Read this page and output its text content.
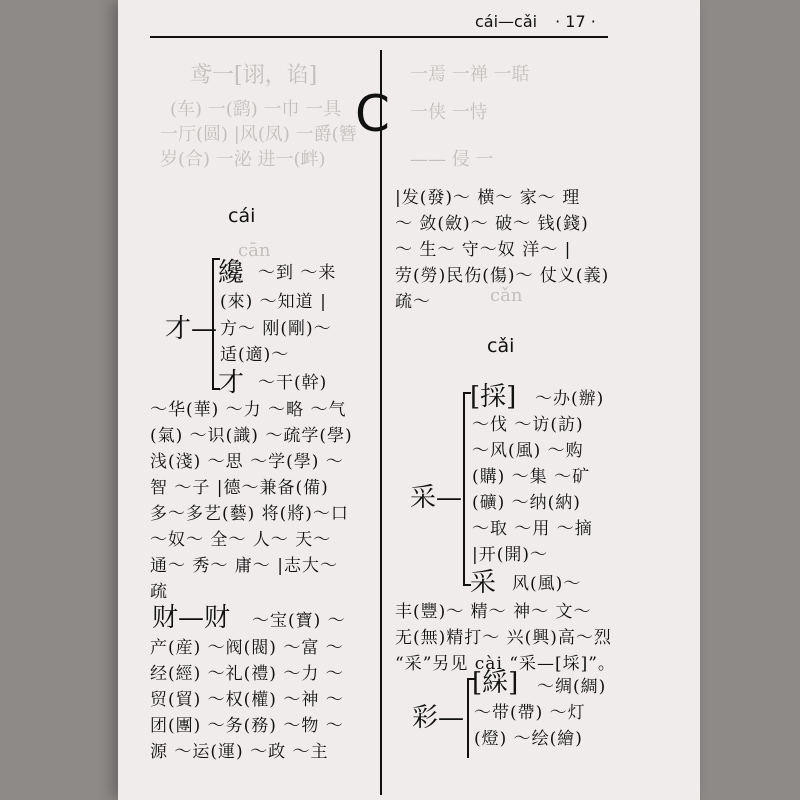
鸢一[诩，谄]
(车) 一(鹞) 一巾 一具
一厅(圆) |风(凤) 一爵(簪
岁(合) 一泌 进一(衅)	—— 侵 一
一焉 一禅 一聒
一侠 一恃
cān
cǎn
cái—cǎi · 17 ·
C
cái
才—
纔 ～到 ～来
(來) ～知道 |
方～ 刚(剛)～
适(適)～
才 ～干(幹)
～华(華) ～力 ～略 ～气
(氣) ～识(識) ～疏学(學)
浅(淺) ～思 ～学(學) ～
智 ～子 |德～兼备(備)
多～多艺(藝) 将(將)～口
～奴～ 全～ 人～ 天～
通～ 秀～ 庸～ |志大～
疏
财—财 ～宝(寶) ～
产(産) ～阀(閥) ～富 ～
经(經) ～礼(禮) ～力 ～
贸(貿) ～权(權) ～神 ～
团(團) ～务(務) ～物 ～
源 ～运(運) ～政 ～主
|发(發)～ 横～ 家～ 理
～ 敛(斂)～ 破～ 钱(錢)
～ 生～ 守～奴 洋～ |
劳(勞)民伤(傷)～ 仗义(義)
疏～
cǎi
采—
[採] ～办(辦)
～伐 ～访(訪)
～风(風) ～购
(購) ～集 ～矿
(礦) ～纳(納)
～取 ～用 ～摘
|开(開)～
采 风(風)～
丰(豐)～ 精～ 神～ 文～
无(無)精打～ 兴(興)高～烈
“采”另见 cài “采—[埰]”。
彩—
[綵] ～绸(綢)
～带(帶) ～灯
(燈) ～绘(繪)
